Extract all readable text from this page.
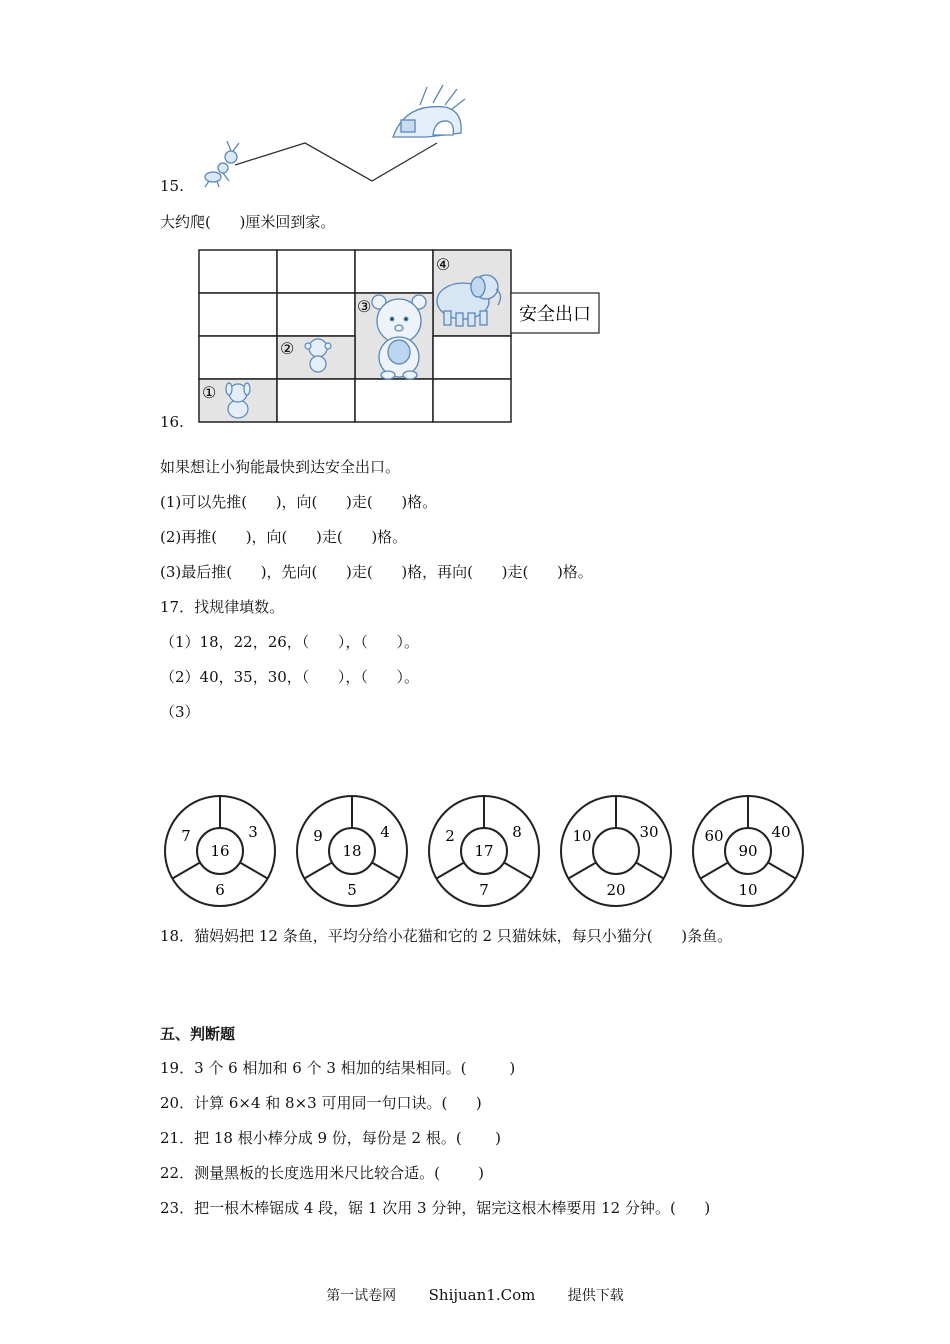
15.
大约爬(      )厘米回到家。
安全出口
①
②
③
④
16.
如果想让小狗能最快到达安全出口。
(1)可以先推(      )，向(      )走(      )格。
(2)再推(      )，向(      )走(      )格。
(3)最后推(      )，先向(      )走(      )格，再向(      )走(      )格。
17．找规律填数。
（1）18，22，26，（      ），（      ）。
（2）40，35，30，（      ），（      ）。
（3）
7	3
16
6
9	4
18
5
2	8
17
7
10	30
20
60	40
90
10
18．猫妈妈把 12 条鱼，平均分给小花猫和它的 2 只猫妹妹，每只小猫分(      )条鱼。
五、判断题
19．3 个 6 相加和 6 个 3 相加的结果相同。(         )
20．计算 6×4 和 8×3 可用同一句口诀。(      )
21．把 18 根小棒分成 9 份，每份是 2 根。(       )
22．测量黑板的长度选用米尺比较合适。(        )
23．把一根木棒锯成 4 段，锯 1 次用 3 分钟，锯完这根木棒要用 12 分钟。(      )
第一试卷网 Shijuan1.Com 提供下载
